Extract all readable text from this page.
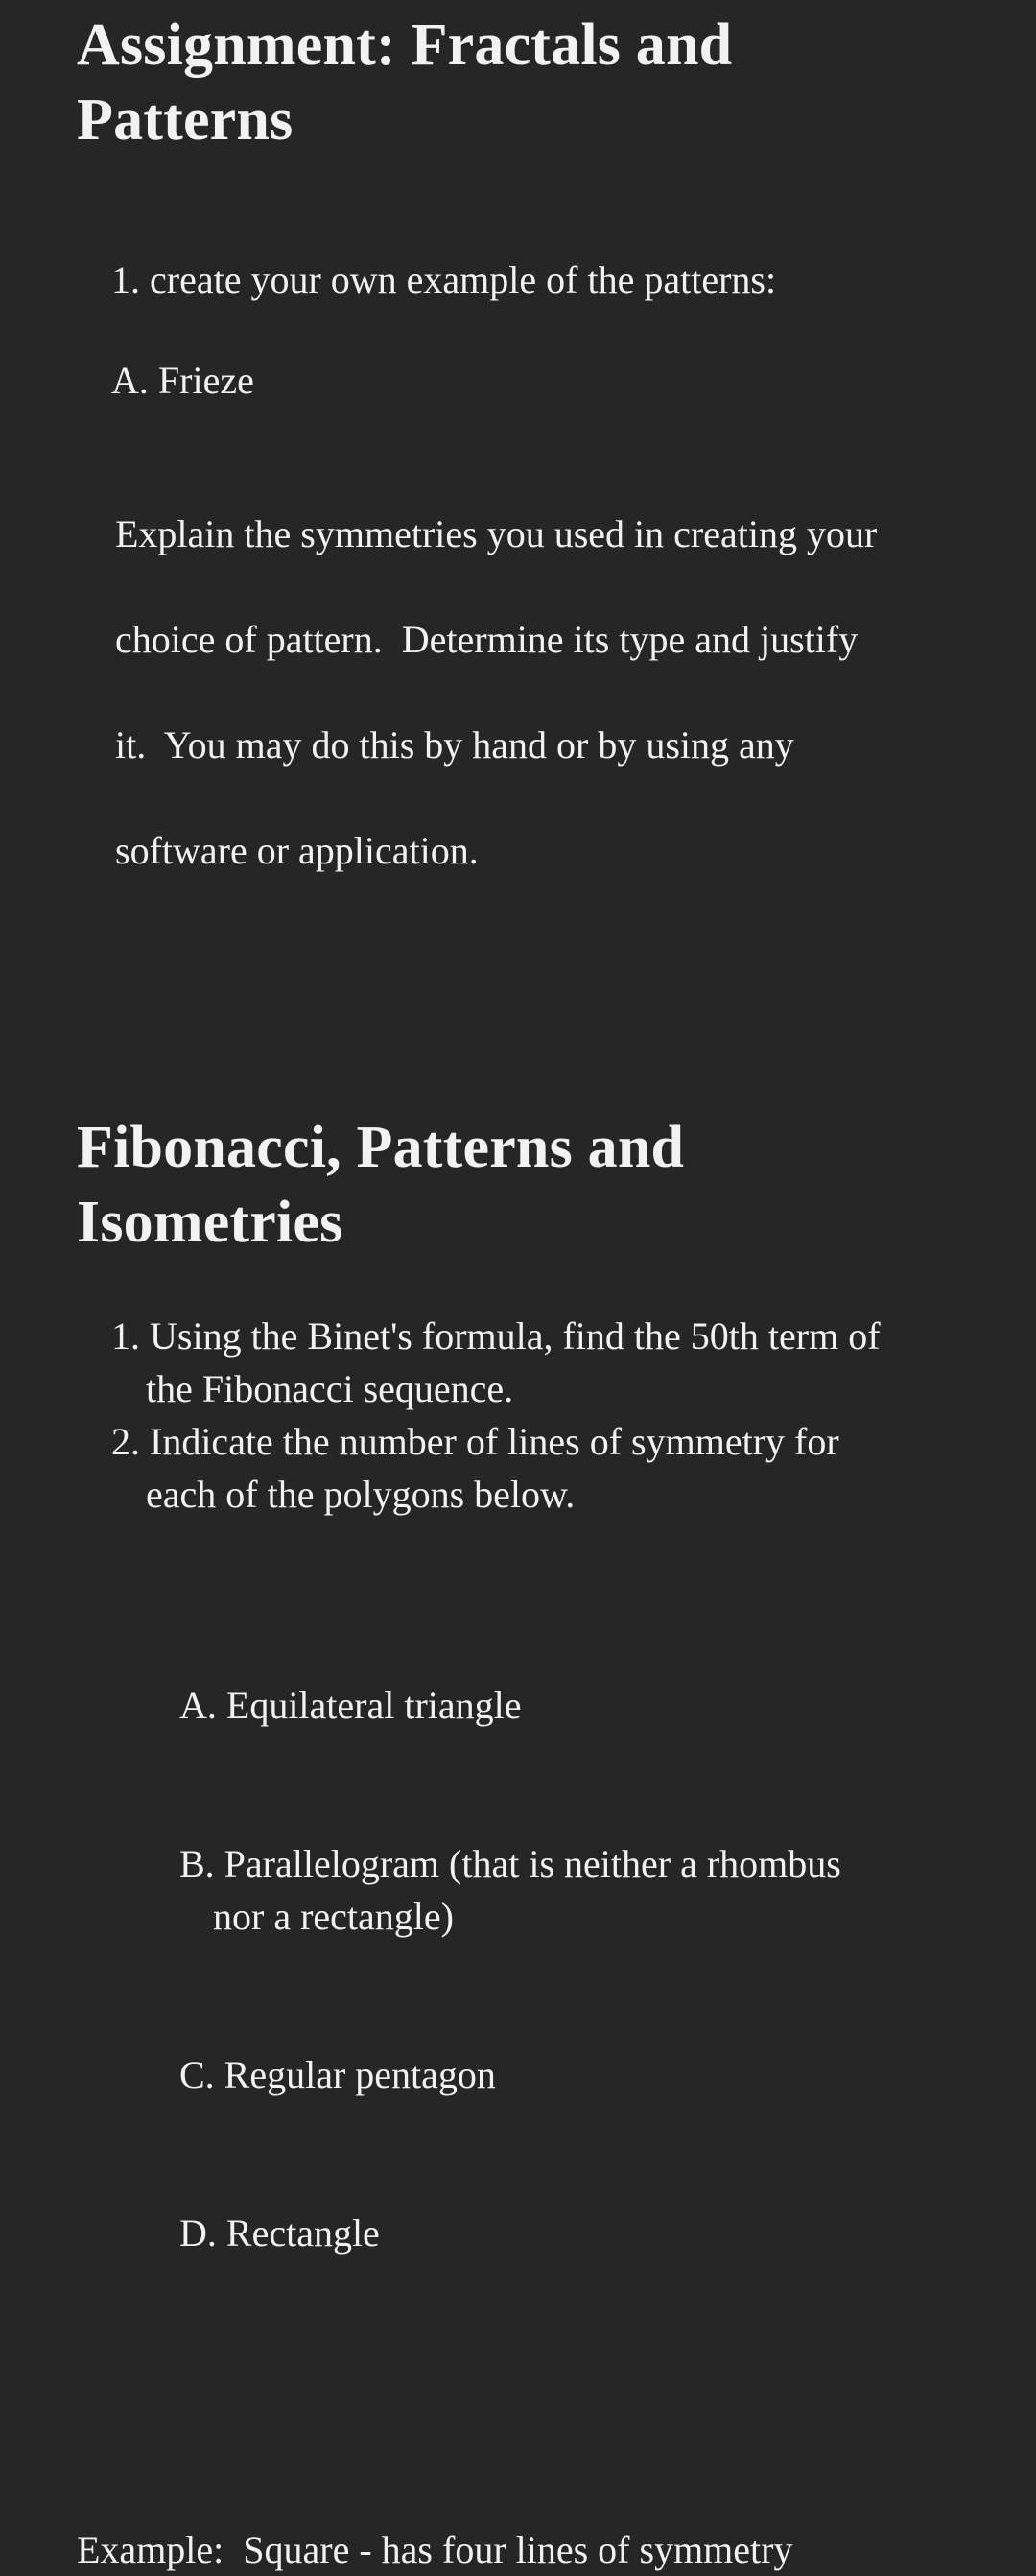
Assignment: Fractals and
Patterns

1. create your own example of the patterns:

A. Frieze

Explain the symmetries you used in creating your

choice of pattern.  Determine its type and justify

it.  You may do this by hand or by using any

software or application.

Fibonacci, Patterns and
Isometries
1. Using the Binet's formula, find the 50th term of
the Fibonacci sequence.
2. Indicate the number of lines of symmetry for
each of the polygons below.

A. Equilateral triangle

B. Parallelogram (that is neither a rhombus
nor a rectangle)

C. Regular pentagon

D. Rectangle

Example:  Square - has four lines of symmetry
